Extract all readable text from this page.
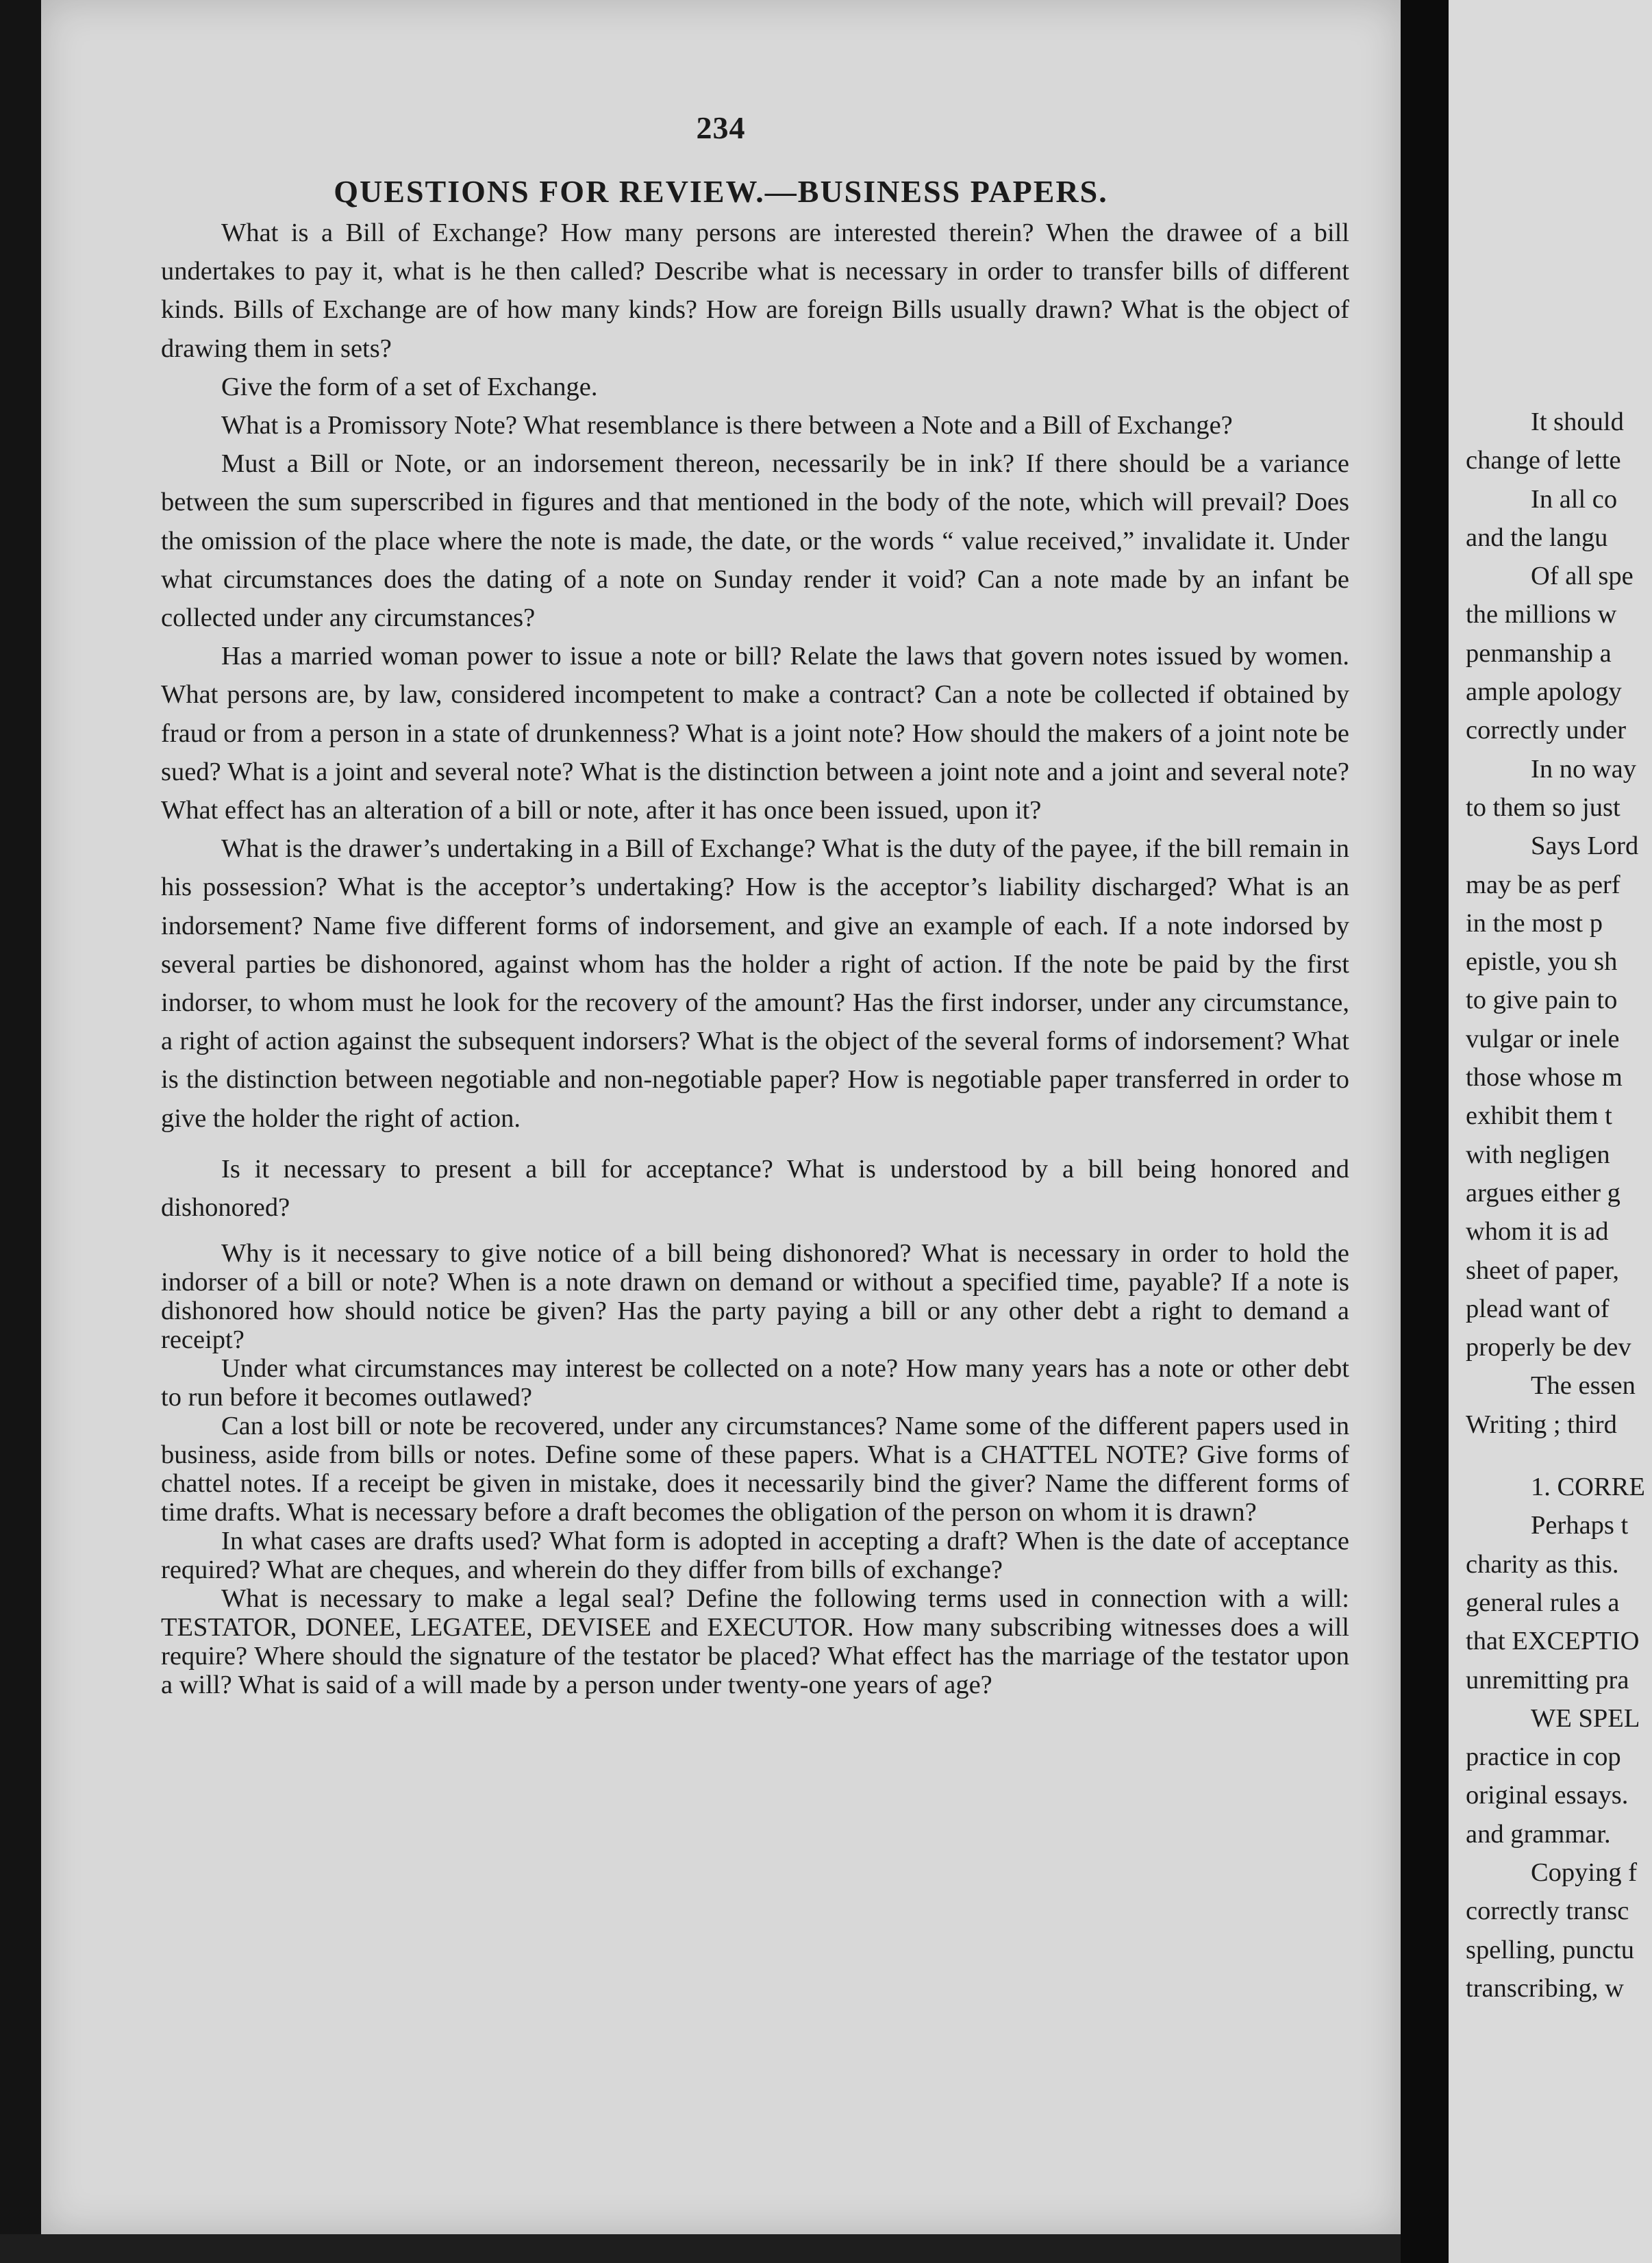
234
QUESTIONS FOR REVIEW.—BUSINESS PAPERS.

What is a Bill of Exchange? How many persons are interested therein? When the drawee of a bill undertakes to pay it, what is he then called? Describe what is necessary in order to transfer bills of different kinds. Bills of Exchange are of how many kinds? How are foreign Bills usually drawn? What is the object of drawing them in sets?

Give the form of a set of Exchange.

What is a Promissory Note? What resemblance is there between a Note and a Bill of Exchange?

Must a Bill or Note, or an indorsement thereon, necessarily be in ink? If there should be a variance between the sum superscribed in figures and that mentioned in the body of the note, which will prevail? Does the omission of the place where the note is made, the date, or the words “ value received,” invalidate it. Under what circumstances does the dating of a note on Sunday render it void? Can a note made by an infant be collected under any circumstances?

Has a married woman power to issue a note or bill? Relate the laws that govern notes issued by women. What persons are, by law, considered incompetent to make a contract? Can a note be collected if obtained by fraud or from a person in a state of drunkenness? What is a joint note? How should the makers of a joint note be sued? What is a joint and several note? What is the distinction between a joint note and a joint and several note? What effect has an alteration of a bill or note, after it has once been issued, upon it?

What is the drawer’s undertaking in a Bill of Exchange? What is the duty of the payee, if the bill remain in his possession? What is the acceptor’s undertaking? How is the acceptor’s liability discharged? What is an indorsement? Name five different forms of indorsement, and give an example of each. If a note indorsed by several parties be dishonored, against whom has the holder a right of action. If the note be paid by the first indorser, to whom must he look for the recovery of the amount? Has the first indorser, under any circumstance, a right of action against the subsequent indorsers? What is the object of the several forms of indorsement? What is the distinction between negotiable and non-negotiable paper? How is negotiable paper transferred in order to give the holder the right of action.

Is it necessary to present a bill for acceptance? What is understood by a bill being honored and dishonored?

Why is it necessary to give notice of a bill being dishonored? What is necessary in order to hold the indorser of a bill or note? When is a note drawn on demand or without a specified time, payable? If a note is dishonored how should notice be given? Has the party paying a bill or any other debt a right to demand a receipt?

Under what circumstances may interest be collected on a note? How many years has a note or other debt to run before it becomes outlawed?

Can a lost bill or note be recovered, under any circumstances? Name some of the different papers used in business, aside from bills or notes. Define some of these papers. What is a CHATTEL NOTE? Give forms of chattel notes. If a receipt be given in mistake, does it necessarily bind the giver? Name the different forms of time drafts. What is necessary before a draft becomes the obligation of the person on whom it is drawn?

In what cases are drafts used? What form is adopted in accepting a draft? When is the date of acceptance required? What are cheques, and wherein do they differ from bills of exchange?

What is necessary to make a legal seal? Define the following terms used in connection with a will: TESTATOR, DONEE, LEGATEE, DEVISEE and EXECUTOR. How many subscribing witnesses does a will require? Where should the signature of the testator be placed? What effect has the marriage of the testator upon a will? What is said of a will made by a person under twenty-one years of age?

It should
change of lette
In all co
and the langu
Of all spe
the millions w
penmanship a
ample apology
correctly under
In no way
to them so just
Says Lord
may be as perf
in the most p
epistle, you sh
to give pain to
vulgar or inele
those whose m
exhibit them t
with negligen
argues either g
whom it is ad
sheet of paper,
plead want of
properly be dev
The essen
Writing ; third
1. CORRE
Perhaps t
charity as this.
general rules a
that EXCEPTIO
unremitting pra
WE SPEL
practice in cop
original essays.
and grammar.
Copying f
correctly transc
spelling, punctu
transcribing, w
